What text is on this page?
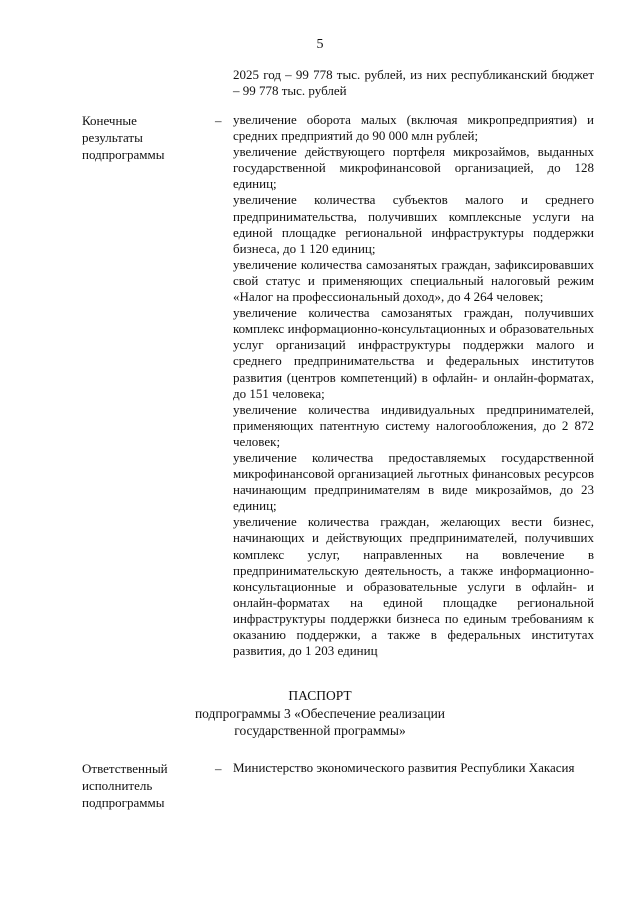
5
2025 год – 99 778 тыс. рублей, из них республиканский бюджет – 99 778 тыс. рублей
Конечные результаты подпрограммы
– увеличение оборота малых (включая микропредприятия) и средних предприятий до 90 000 млн рублей;
увеличение действующего портфеля микрозаймов, выданных государственной микрофинансовой организацией, до 128 единиц;
увеличение количества субъектов малого и среднего предпринимательства, получивших комплексные услуги на единой площадке региональной инфраструктуры поддержки бизнеса, до 1 120 единиц;
увеличение количества самозанятых граждан, зафиксировавших свой статус и применяющих специальный налоговый режим «Налог на профессиональный доход», до 4 264 человек;
увеличение количества самозанятых граждан, получивших комплекс информационно-консультационных и образовательных услуг организаций инфраструктуры поддержки малого и среднего предпринимательства и федеральных институтов развития (центров компетенций) в офлайн- и онлайн-форматах, до 151 человека;
увеличение количества индивидуальных предпринимателей, применяющих патентную систему налогообложения, до 2 872 человек;
увеличение количества предоставляемых государственной микрофинансовой организацией льготных финансовых ресурсов начинающим предпринимателям в виде микрозаймов, до 23 единиц;
увеличение количества граждан, желающих вести бизнес, начинающих и действующих предпринимателей, получивших комплекс услуг, направленных на вовлечение в предпринимательскую деятельность, а также информационно-консультационные и образовательные услуги в офлайн- и онлайн-форматах на единой площадке региональной инфраструктуры поддержки бизнеса по единым требованиям к оказанию поддержки, а также в федеральных институтах развития, до 1 203 единиц
ПАСПОРТ
подпрограммы 3 «Обеспечение реализации
государственной программы»
Ответственный исполнитель подпрограммы
– Министерство экономического развития Республики Хакасия
